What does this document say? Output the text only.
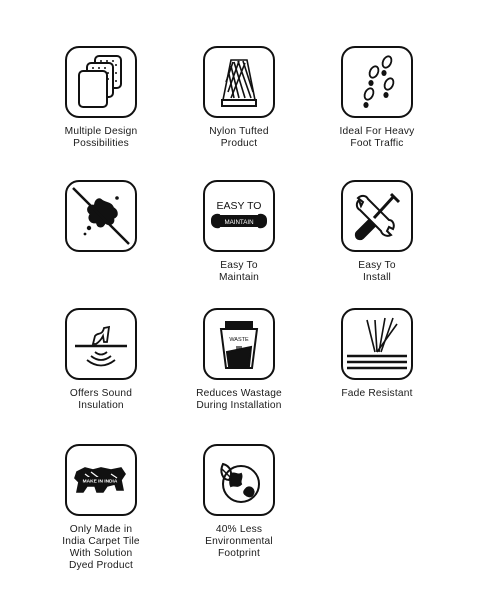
Multiple Design
Possibilities
Nylon Tufted
Product
Ideal For Heavy
Foot Traffic
EASY TO
MAINTAIN
Easy To
Maintain
Easy To
Install
Offers Sound
Insulation
WASTE
Reduces Wastage
During Installation
Fade Resistant
MAKE IN INDIA
Only Made in
India Carpet Tile
With Solution
Dyed Product
40% Less
Environmental
Footprint
